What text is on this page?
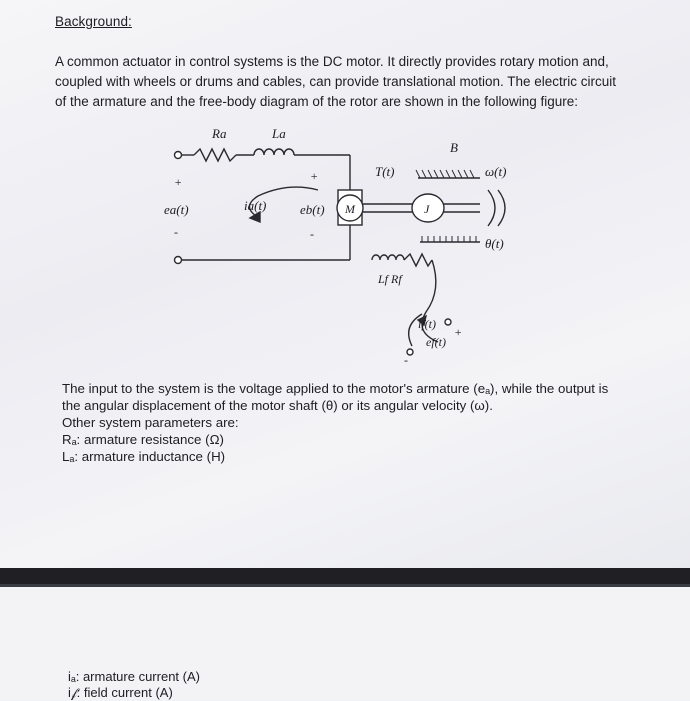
Background:
A common actuator in control systems is the DC motor. It directly provides rotary motion and,
coupled with wheels or drums and cables, can provide translational motion. The electric circuit
of the armature and the free-body diagram of the rotor are shown in the following figure:
Ra	La
B
T(t)	ω(t)
+
ea(t)
-
ia(t)
+
eb(t)
-
M	J
θ(t)
Lf Rf
if(t)
+
ef(t)
-
The input to the system is the voltage applied to the motor's armature (eₐ), while the output is
the angular displacement of the motor shaft (θ) or its angular velocity (ω).
Other system parameters are:
Rₐ: armature resistance (Ω)
Lₐ: armature inductance (H)
iₐ: armature current (A)
i𝒻: field current (A)
